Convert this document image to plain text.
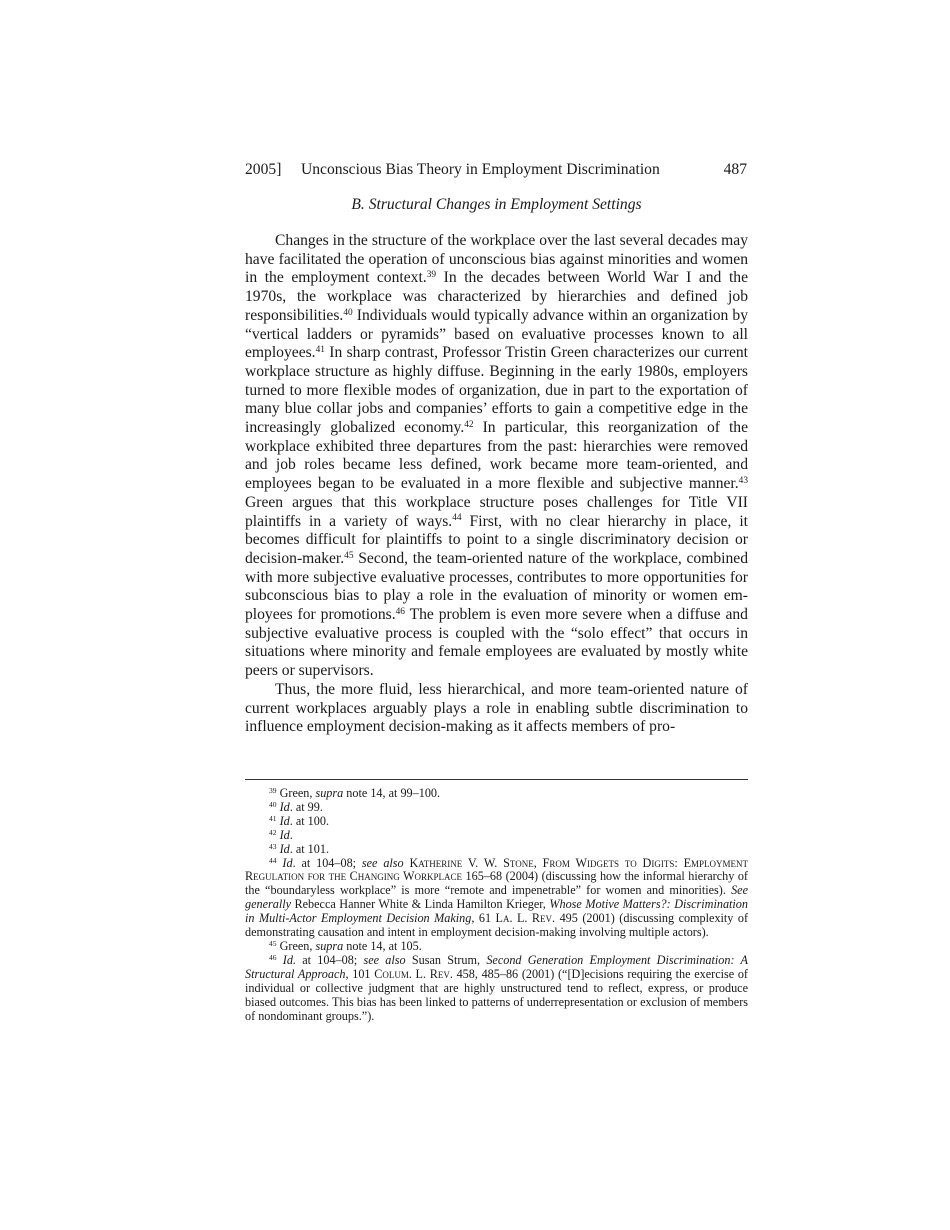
2005] Unconscious Bias Theory in Employment Discrimination	487
B. Structural Changes in Employment Settings

Changes in the structure of the workplace over the last several decades may have facilitated the operation of unconscious bias against minorities and women in the employment context.$^{39}$ In the decades between World War I and the 1970s, the workplace was characterized by hierarchies and defined job responsibilities.$^{40}$ Individuals would typically advance within an organization by “vertical ladders or pyramids” based on evaluative processes known to all employees.$^{41}$ In sharp contrast, Professor Tristin Green characterizes our current workplace structure as highly diffuse. Beginning in the early 1980s, employers turned to more flexible modes of organization, due in part to the exportation of many blue collar jobs and companies’ efforts to gain a competitive edge in the increasingly globalized economy.$^{42}$ In particular, this reorganization of the workplace exhibited three departures from the past: hierarchies were removed and job roles became less defined, work became more team-oriented, and employees began to be evaluated in a more flexible and subjective manner.$^{43}$ Green argues that this workplace structure poses challenges for Title VII plaintiffs in a variety of ways.$^{44}$ First, with no clear hierarchy in place, it becomes difficult for plaintiffs to point to a single discriminatory decision or decision-maker.$^{45}$ Second, the team-oriented nature of the workplace, combined with more subjective evaluative processes, contributes to more opportunities for subconscious bias to play a role in the evaluation of minority or women employees for promotions.$^{46}$ The problem is even more severe when a diffuse and subjective evaluative process is coupled with the “solo effect” that occurs in situations where minority and female employees are evaluated by mostly white peers or supervisors.

Thus, the more fluid, less hierarchical, and more team-oriented nature of current workplaces arguably plays a role in enabling subtle discrimination to influence employment decision-making as it affects members of pro-

$^{39}$ Green, supra note 14, at 99–100.

$^{40}$ Id. at 99.

$^{41}$ Id. at 100.

$^{42}$ Id.

$^{43}$ Id. at 101.

$^{44}$ Id. at 104–08; see also Katherine V. W. Stone, From Widgets to Digits: Employment Regulation for the Changing Workplace 165–68 (2004) (discussing how the informal hierarchy of the “boundaryless workplace” is more “remote and impenetrable” for women and minorities). See generally Rebecca Hanner White & Linda Hamilton Krieger, Whose Motive Matters?: Discrimination in Multi-Actor Employment Decision Making, 61 La. L. Rev. 495 (2001) (discussing complexity of demonstrating causation and intent in employment decision-making involving multiple actors).

$^{45}$ Green, supra note 14, at 105.

$^{46}$ Id. at 104–08; see also Susan Strum, Second Generation Employment Discrimination: A Structural Approach, 101 Colum. L. Rev. 458, 485–86 (2001) (“[D]ecisions requiring the exercise of individual or collective judgment that are highly unstructured tend to reflect, express, or produce biased outcomes. This bias has been linked to patterns of underrepresentation or exclusion of members of nondominant groups.”).
